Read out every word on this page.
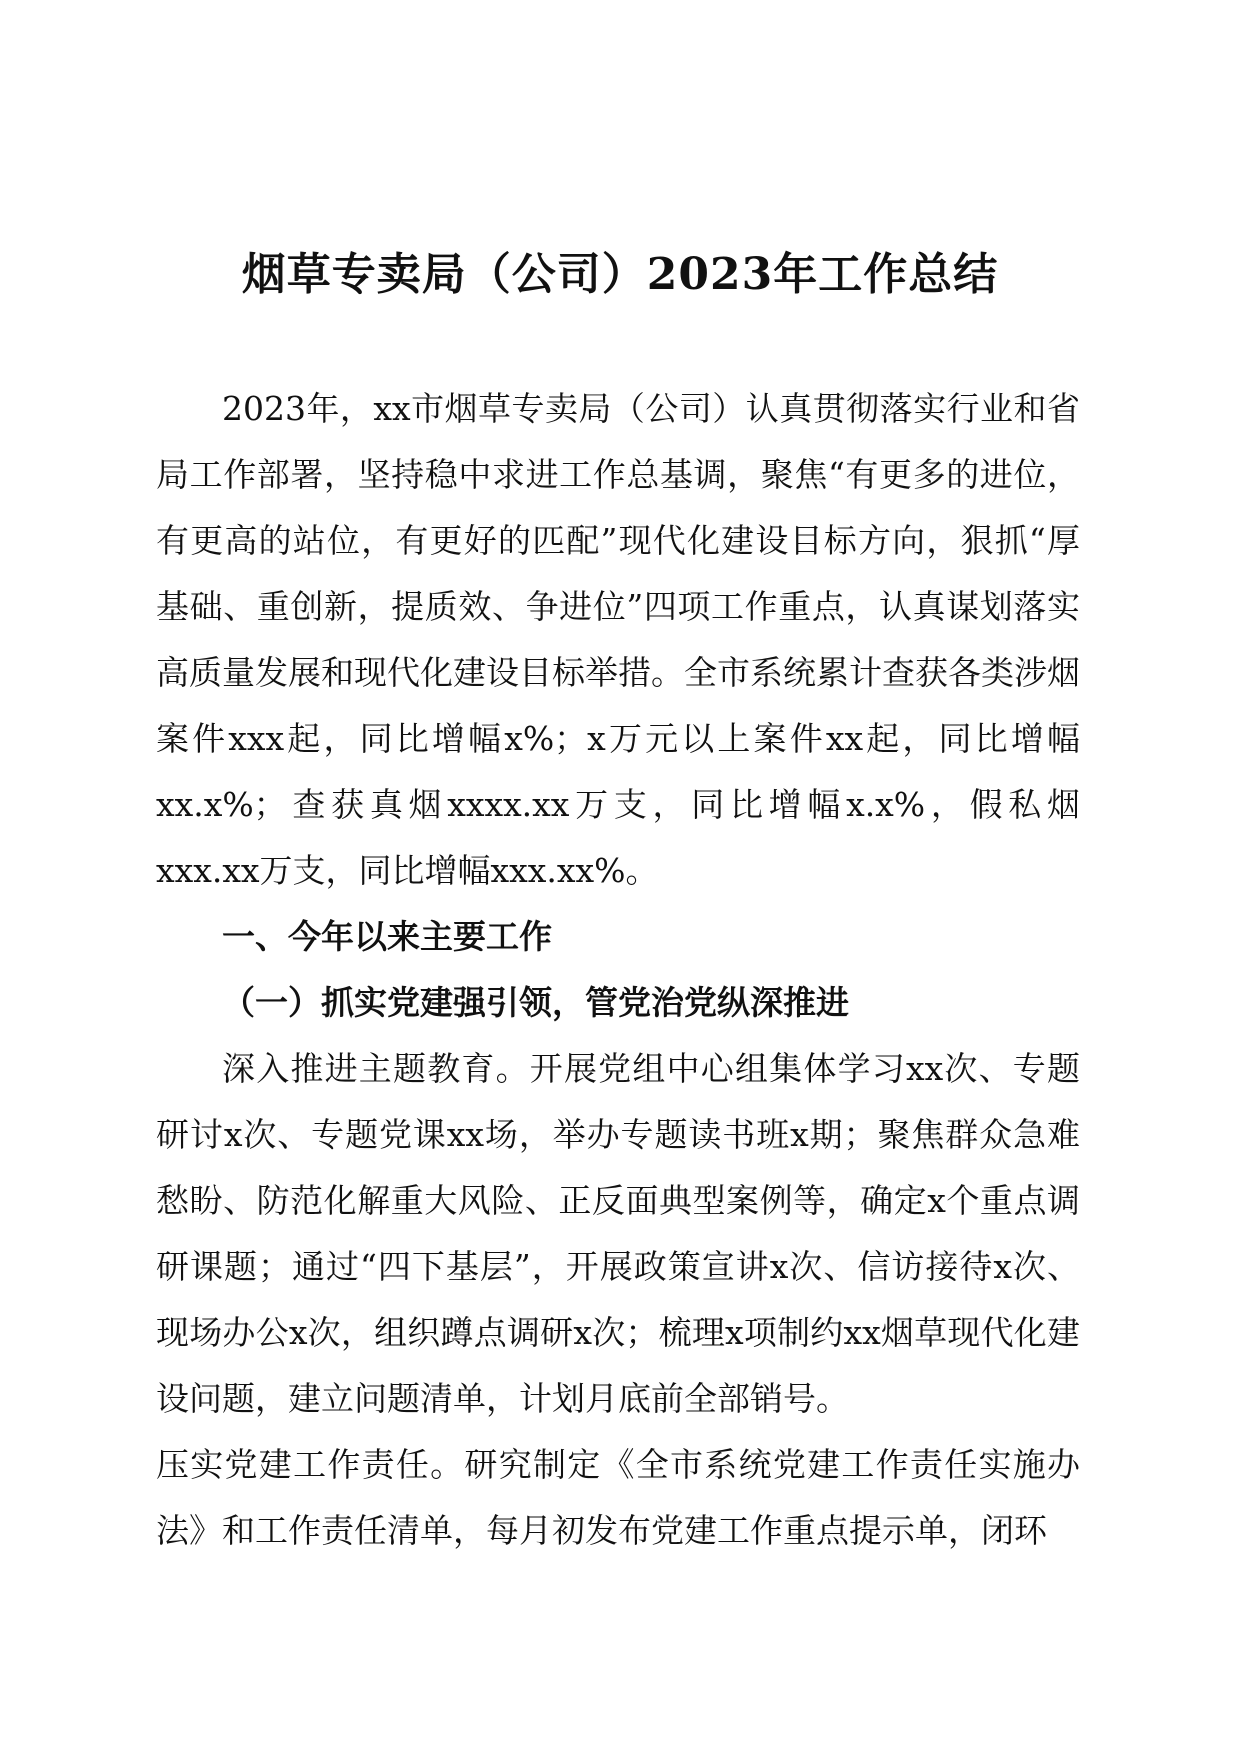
烟草专卖局（公司）2023年工作总结

2023年，xx市烟草专卖局（公司）认真贯彻落实行业和省局工作部署，坚持稳中求进工作总基调，聚焦“有更多的进位，有更高的站位，有更好的匹配”现代化建设目标方向，狠抓“厚基础、重创新，提质效、争进位”四项工作重点，认真谋划落实高质量发展和现代化建设目标举措。全市系统累计查获各类涉烟案件xxx起，同比增幅x%；x万元以上案件xx起，同比增幅xx.x%；查获真烟xxxx.xx万支，同比增幅x.x%，假私烟xxx.xx万支，同比增幅xxx.xx%。

一、今年以来主要工作

（一）抓实党建强引领，管党治党纵深推进

深入推进主题教育。开展党组中心组集体学习xx次、专题研讨x次、专题党课xx场，举办专题读书班x期；聚焦群众急难愁盼、防范化解重大风险、正反面典型案例等，确定x个重点调研课题；通过“四下基层”，开展政策宣讲x次、信访接待x次、现场办公x次，组织蹲点调研x次；梳理x项制约xx烟草现代化建设问题，建立问题清单，计划月底前全部销号。

压实党建工作责任。研究制定《全市系统党建工作责任实施办法》和工作责任清单，每月初发布党建工作重点提示单，闭环
